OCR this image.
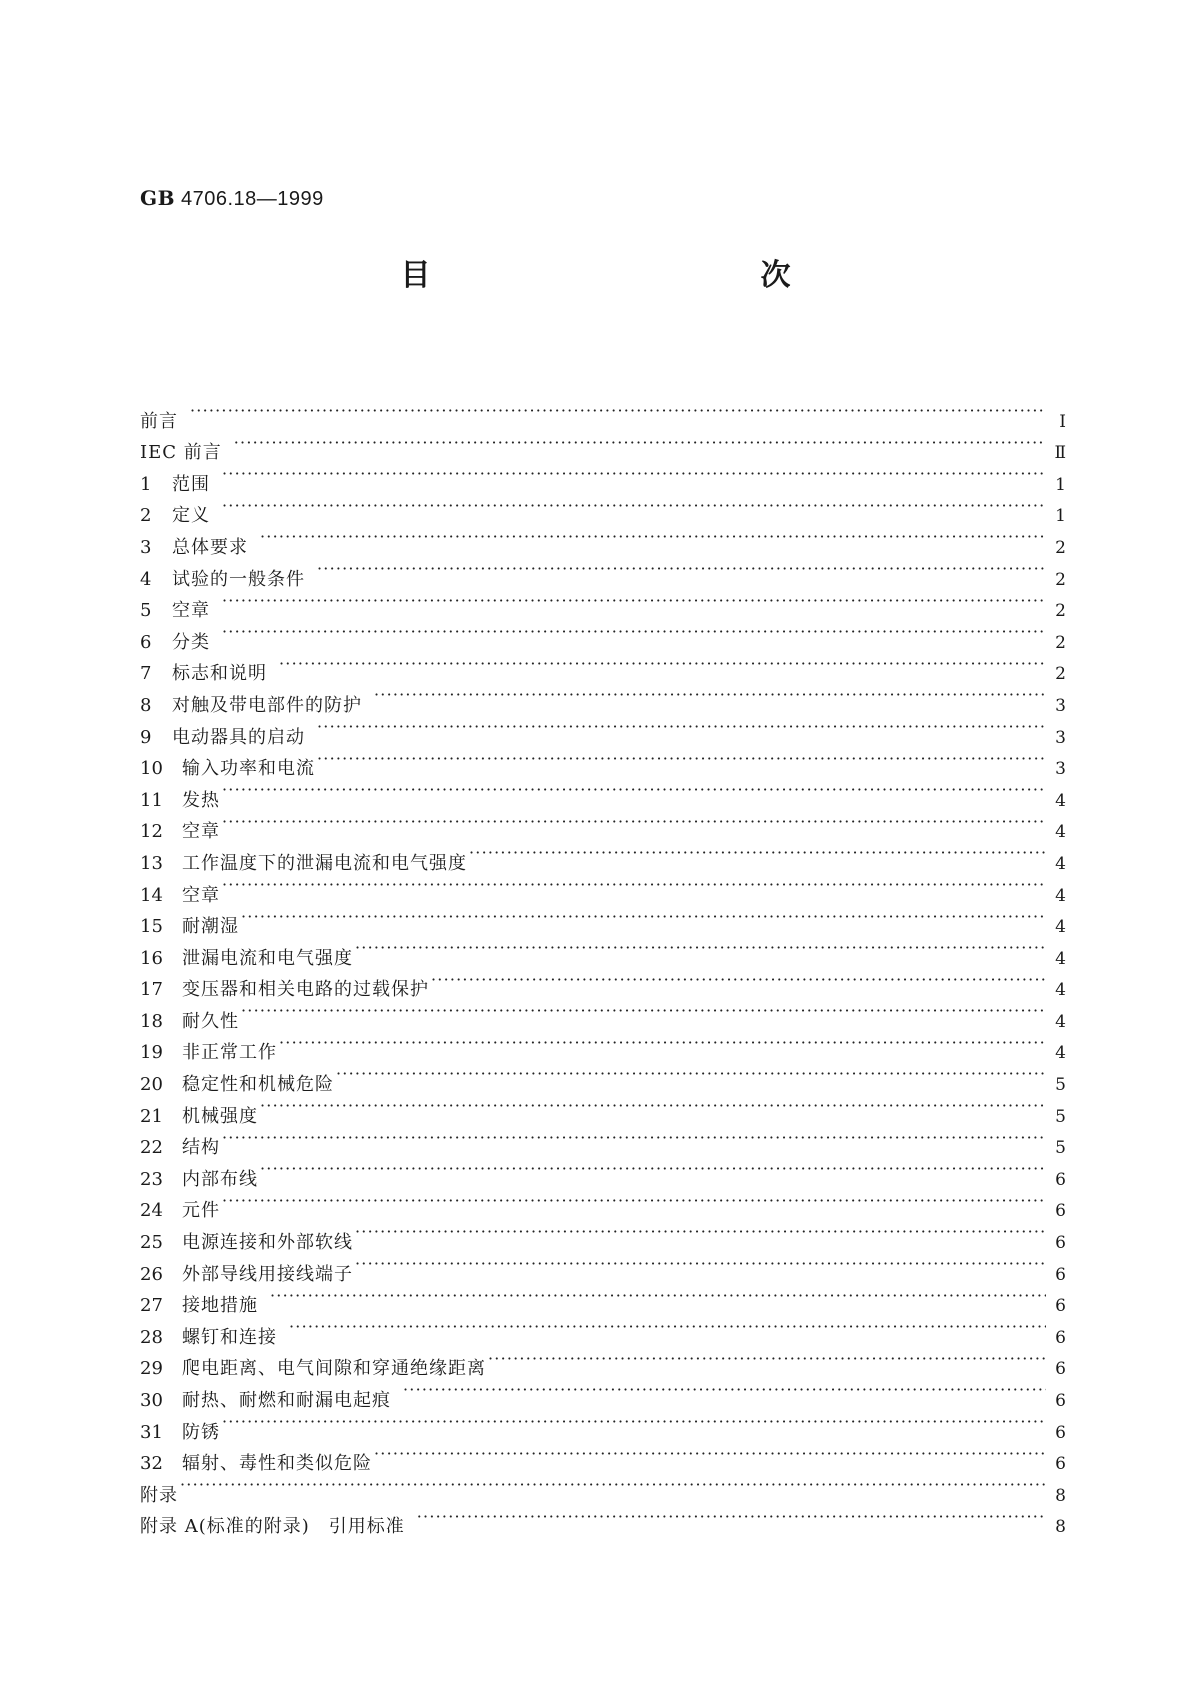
GB 4706.18—1999
目　　次
前言 ·····	Ⅰ
IEC 前言 ·····	Ⅱ
1	范围 ·····	1
2	定义 ·····	1
3	总体要求 ·····	2
4	试验的一般条件 ·····	2
5	空章 ·····	2
6	分类 ·····	2
7	标志和说明 ·····	2
8	对触及带电部件的防护 ·····	3
9	电动器具的启动 ·····	3
10	输入功率和电流 ·····	3
11	发热 ·····	4
12	空章 ·····	4
13	工作温度下的泄漏电流和电气强度 ·····	4
14	空章 ·····	4
15	耐潮湿 ·····	4
16	泄漏电流和电气强度 ·····	4
17	变压器和相关电路的过载保护 ·····	4
18	耐久性 ·····	4
19	非正常工作 ·····	4
20	稳定性和机械危险 ·····	5
21	机械强度 ·····	5
22	结构 ·····	5
23	内部布线 ·····	6
24	元件 ·····	6
25	电源连接和外部软线 ·····	6
26	外部导线用接线端子 ·····	6
27	接地措施 ·····	6
28	螺钉和连接 ·····	6
29	爬电距离、电气间隙和穿通绝缘距离 ·····	6
30	耐热、耐燃和耐漏电起痕 ·····	6
31	防锈 ·····	6
32	辐射、毒性和类似危险 ·····	6
附录 ·····	8
附录 A(标准的附录)　引用标准 ·····	8
